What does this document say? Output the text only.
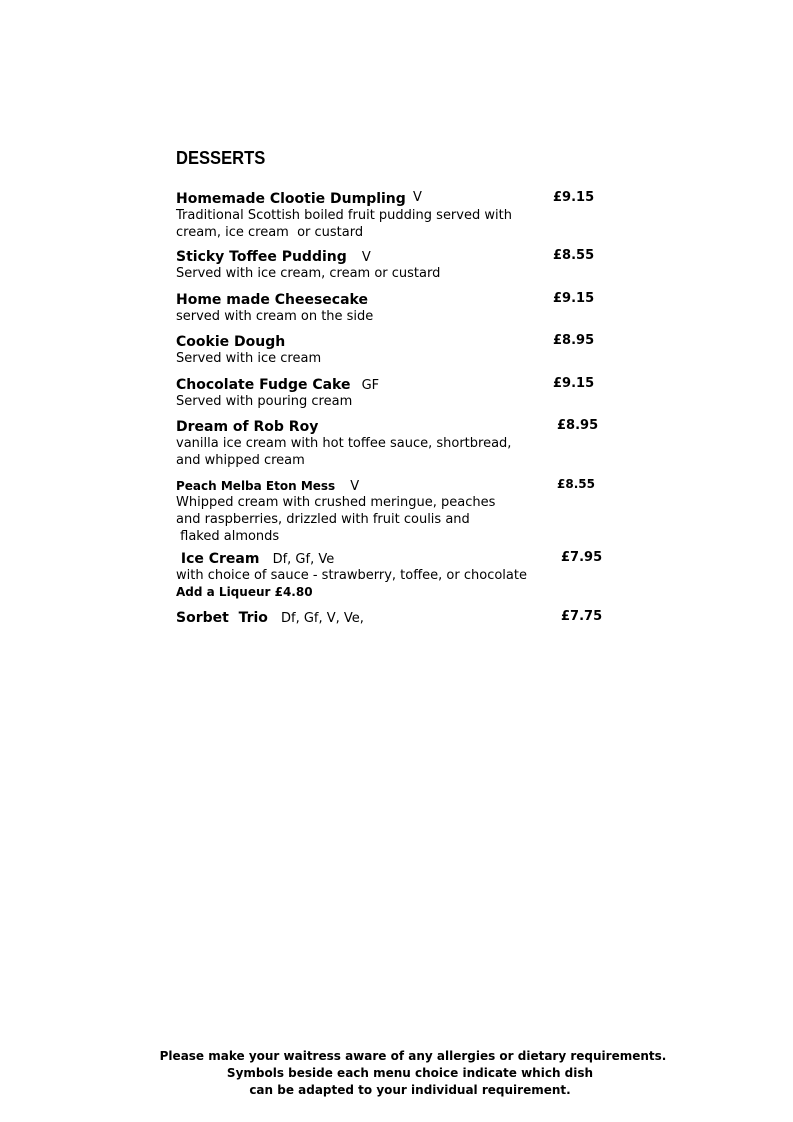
DESSERTS
Homemade Clootie Dumpling V	£9.15
Traditional Scottish boiled fruit pudding served with
cream, ice cream  or custard
Sticky Toffee Pudding V	£8.55
Served with ice cream, cream or custard
Home made Cheesecake	£9.15
served with cream on the side
Cookie Dough	£8.95
Served with ice cream
Chocolate Fudge Cake GF	£9.15
Served with pouring cream
Dream of Rob Roy	£8.95
vanilla ice cream with hot toffee sauce, shortbread,
and whipped cream
Peach Melba Eton Mess V	£8.55
Whipped cream with crushed meringue, peaches
and raspberries, drizzled with fruit coulis and
flaked almonds
Ice Cream Df, Gf, Ve	£7.95
with choice of sauce - strawberry, toffee, or chocolate
Add a Liqueur £4.80
Sorbet  Trio Df, Gf, V, Ve,	£7.75
Please make your waitress aware of any allergies or dietary requirements.
Symbols beside each menu choice indicate which dish
can be adapted to your individual requirement.
